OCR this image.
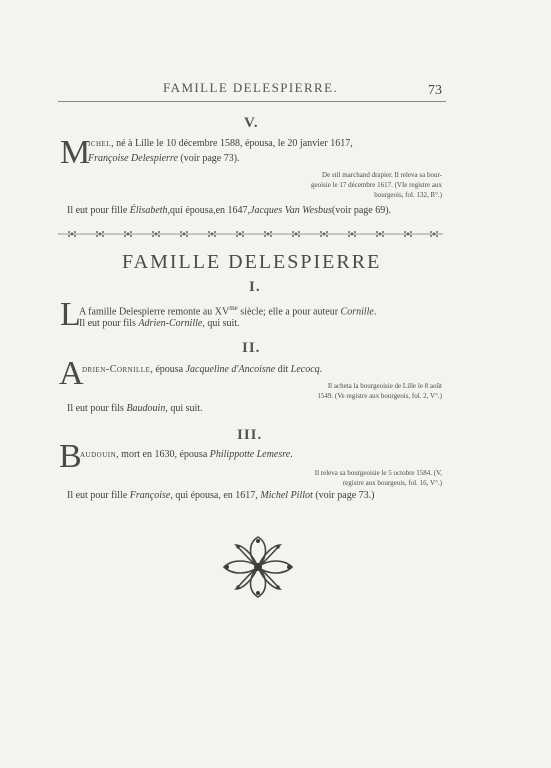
FAMILLE DELESPIERRE.	73
V.
M
ichel, né à Lille le 10 décembre 1588, épousa, le 20 janvier 1617,
Françoise Delespierre (voir page 73).
De stil marchand drapier. Il releva sa bour-
geoisie le 17 décembre 1617. (VIe registre aux
bourgeois, fol. 132, R°.)
Il eut pour fille Élisabeth,qui épousa,en 1647,Jacques Van Wesbus(voir page 69).
FAMILLE DELESPIERRE
I.
L
A famille Delespierre remonte au $XV^{me}$ siècle; elle a pour auteur Cornille.
Il eut pour fils Adrien-Cornille, qui suit.
II.
A
drien-Cornille, épousa Jacqueline d'Ancoisne dit Lecocq.
Il acheta la bourgeoisie de Lille le 8 août
1549. (Ve registre aux bourgeois, fol. 2, V°.)
Il eut pour fils Baudouin, qui suit.
III.
B
audouin, mort en 1630, épousa Philippotte Lemesre.
Il releva sa bourgeoisie le 5 octobre 1584. (V,
registre aux bourgeois, fol. 16, V°.)
Il eut pour fille Françoise, qui épousa, en 1617, Michel Pillot (voir page 73.)
